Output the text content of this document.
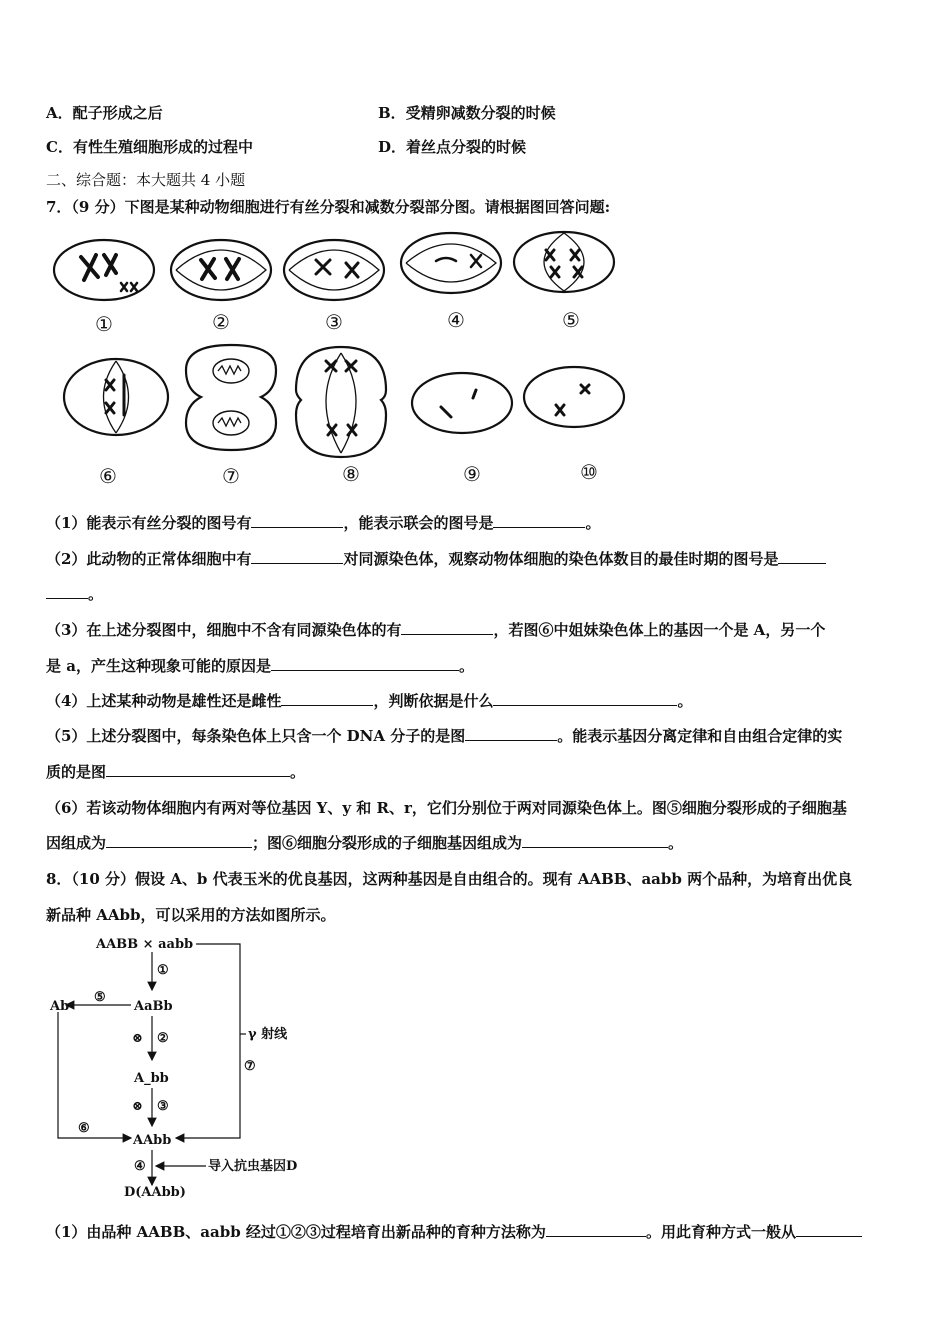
A．配子形成之后	B．受精卵减数分裂的时候
C．有性生殖细胞形成的过程中	D．着丝点分裂的时候
二、综合题：本大题共 4 小题
7．（9 分）下图是某种动物细胞进行有丝分裂和减数分裂部分图。请根据图回答问题:
①	②	③	④	⑤
⑥	⑦	⑧	⑨	⑩
（1）能表示有丝分裂的图号有	，能表示联会的图号是	。
（2）此动物的正常体细胞中有	对同源染色体，观察动物体细胞的染色体数目的最佳时期的图号是
。
（3）在上述分裂图中，细胞中不含有同源染色体的有	，若图⑥中姐妹染色体上的基因一个是 A，另一个
是 a，产生这种现象可能的原因是	。
（4）上述某种动物是雄性还是雌性	，判断依据是什么	。
（5）上述分裂图中，每条染色体上只含一个 DNA 分子的是图	。能表示基因分离定律和自由组合定律的实
质的是图	。
（6）若该动物体细胞内有两对等位基因 Y、y 和 R、r，它们分别位于两对同源染色体上。图⑤细胞分裂形成的子细胞基
因组成为	；图⑥细胞分裂形成的子细胞基因组成为	。
8．（10 分）假设 A、b 代表玉米的优良基因，这两种基因是自由组合的。现有 AABB、aabb 两个品种，为培育出优良
新品种 AAbb，可以采用的方法如图所示。
AABB × aabb
①
AaBb
⑤
Ab
⊗ ②	γ 射线
⑦
A_bb
⊗ ③
⑥
AAbb
④	导入抗虫基因D
D(AAbb)
（1）由品种 AABB、aabb 经过①②③过程培育出新品种的育种方法称为	。用此育种方式一般从
